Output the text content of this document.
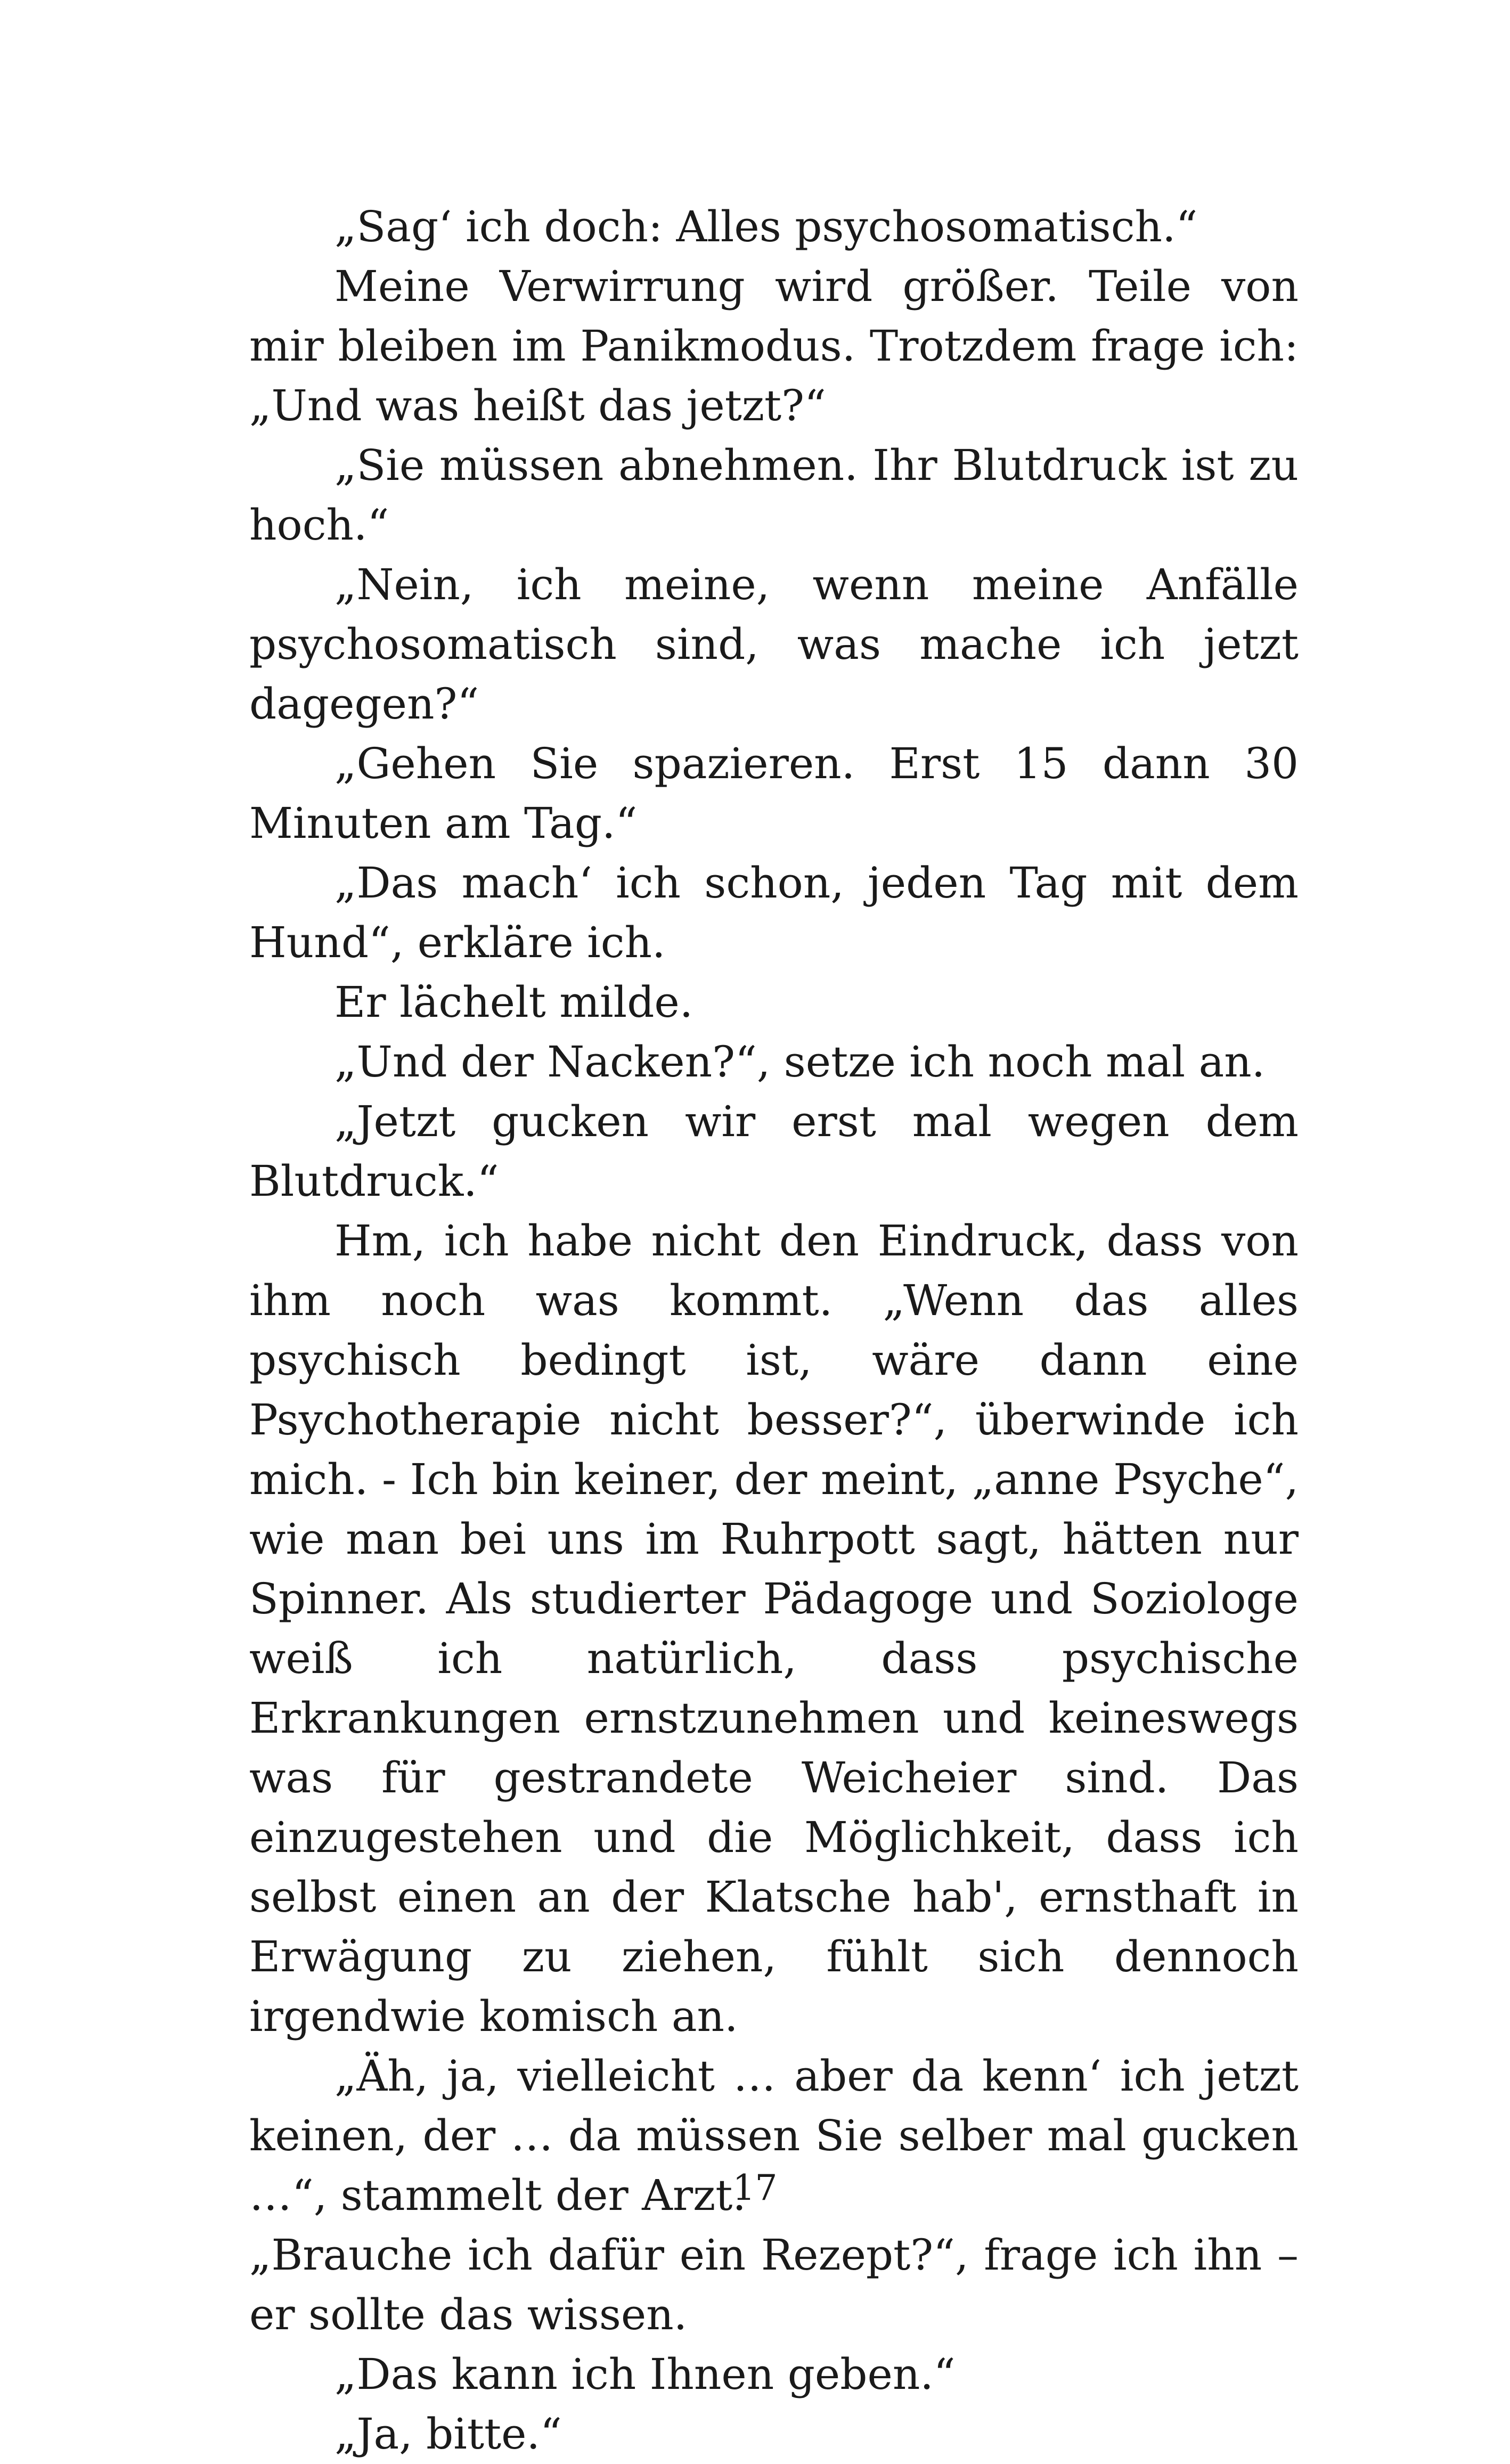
„Sag‘ ich doch: Alles psychosomatisch.“

Meine Verwirrung wird größer. Teile von mir bleiben im Panikmodus. Trotzdem frage ich: „Und was heißt das jetzt?“

„Sie müssen abnehmen. Ihr Blutdruck ist zu hoch.“

„Nein, ich meine, wenn meine Anfälle psychosomatisch sind, was mache ich jetzt dagegen?“

„Gehen Sie spazieren. Erst 15 dann 30 Minuten am Tag.“

„Das mach‘ ich schon, jeden Tag mit dem Hund“, erkläre ich.

Er lächelt milde.

„Und der Nacken?“, setze ich noch mal an.

„Jetzt gucken wir erst mal wegen dem Blutdruck.“

Hm, ich habe nicht den Eindruck, dass von ihm noch was kommt. „Wenn das alles psychisch bedingt ist, wäre dann eine Psychotherapie nicht besser?“, überwinde ich mich. - Ich bin keiner, der meint, „anne Psyche“, wie man bei uns im Ruhrpott sagt, hätten nur Spinner. Als studierter Pädagoge und Soziologe weiß ich natürlich, dass psychische Erkrankungen ernstzunehmen und keineswegs was für gestrandete Weicheier sind. Das einzugestehen und die Möglichkeit, dass ich selbst einen an der Klatsche hab', ernsthaft in Erwägung zu ziehen, fühlt sich dennoch irgendwie komisch an.

„Äh, ja, vielleicht … aber da kenn‘ ich jetzt keinen, der … da müssen Sie selber mal gucken …“, stammelt der Arzt.

„Brauche ich dafür ein Rezept?“, frage ich ihn – er sollte das wissen.

„Das kann ich Ihnen geben.“

„Ja, bitte.“

17
